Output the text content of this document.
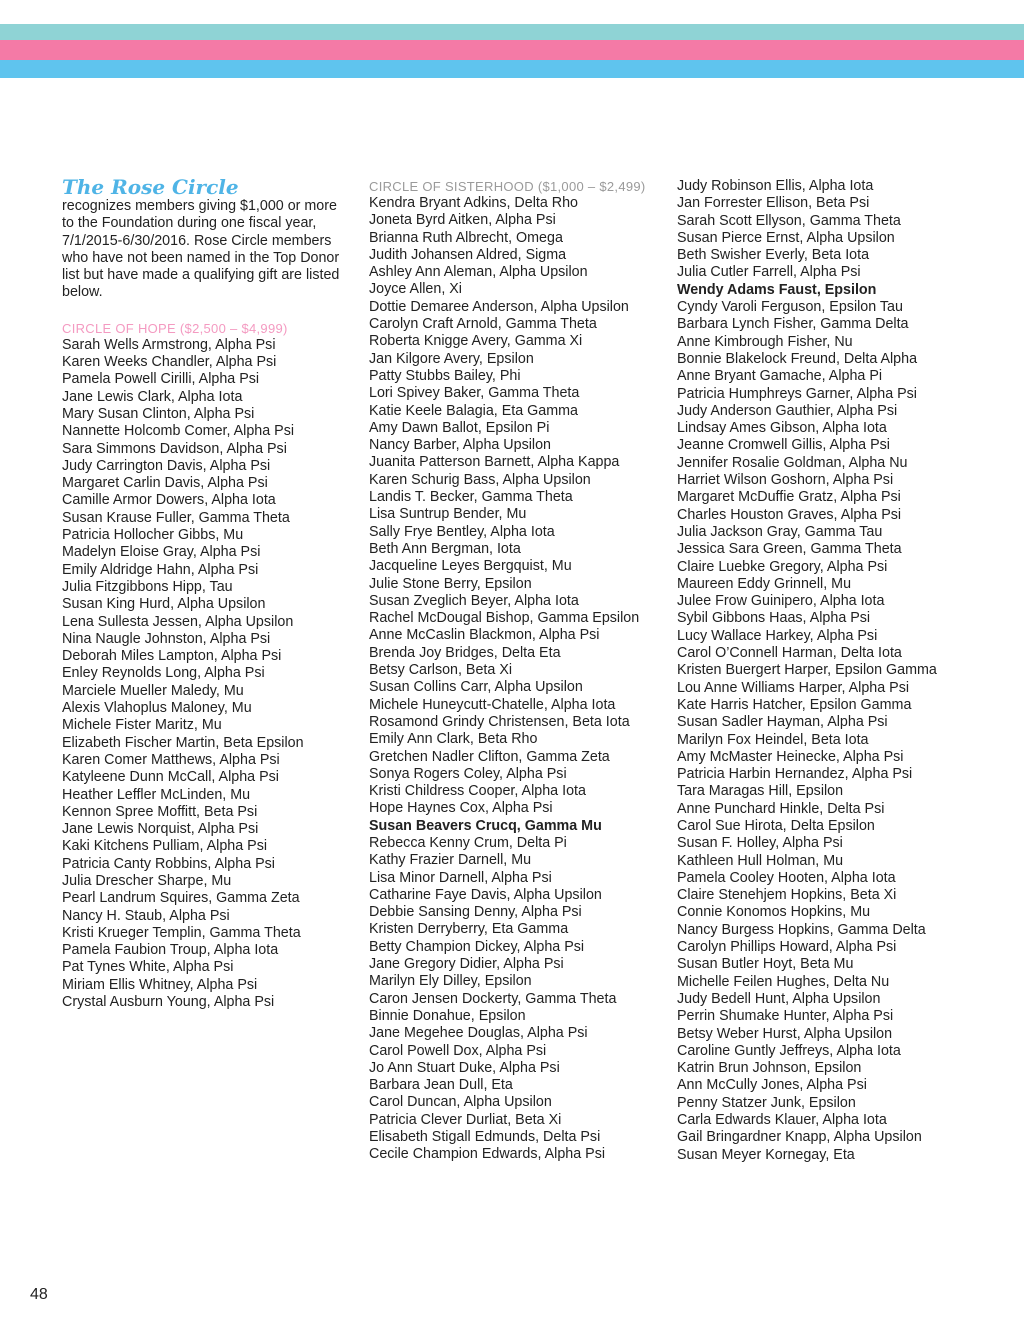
The Rose Circle
recognizes members giving $1,000 or more to the Foundation during one fiscal year, 7/1/2015-6/30/2016. Rose Circle members who have not been named in the Top Donor list but have made a qualifying gift are listed below.
CIRCLE OF HOPE ($2,500 – $4,999)
Sarah Wells Armstrong, Alpha Psi
Karen Weeks Chandler, Alpha Psi
Pamela Powell Cirilli, Alpha Psi
Jane Lewis Clark, Alpha Iota
Mary Susan Clinton, Alpha Psi
Nannette Holcomb Comer, Alpha Psi
Sara Simmons Davidson, Alpha Psi
Judy Carrington Davis, Alpha Psi
Margaret Carlin Davis, Alpha Psi
Camille Armor Dowers, Alpha Iota
Susan Krause Fuller, Gamma Theta
Patricia Hollocher Gibbs, Mu
Madelyn Eloise Gray, Alpha Psi
Emily Aldridge Hahn, Alpha Psi
Julia Fitzgibbons Hipp, Tau
Susan King Hurd, Alpha Upsilon
Lena Sullesta Jessen, Alpha Upsilon
Nina Naugle Johnston, Alpha Psi
Deborah Miles Lampton, Alpha Psi
Enley Reynolds Long, Alpha Psi
Marciele Mueller Maledy, Mu
Alexis Vlahoplus Maloney, Mu
Michele Fister Maritz, Mu
Elizabeth Fischer Martin, Beta Epsilon
Karen Comer Matthews, Alpha Psi
Katyleene Dunn McCall, Alpha Psi
Heather Leffler McLinden, Mu
Kennon Spree Moffitt, Beta Psi
Jane Lewis Norquist, Alpha Psi
Kaki Kitchens Pulliam, Alpha Psi
Patricia Canty Robbins, Alpha Psi
Julia Drescher Sharpe, Mu
Pearl Landrum Squires, Gamma Zeta
Nancy H. Staub, Alpha Psi
Kristi Krueger Templin, Gamma Theta
Pamela Faubion Troup, Alpha Iota
Pat Tynes White, Alpha Psi
Miriam Ellis Whitney, Alpha Psi
Crystal Ausburn Young, Alpha Psi
CIRCLE OF SISTERHOOD ($1,000 – $2,499)
Kendra Bryant Adkins, Delta Rho
Joneta Byrd Aitken, Alpha Psi
Brianna Ruth Albrecht, Omega
Judith Johansen Aldred, Sigma
Ashley Ann Aleman, Alpha Upsilon
Joyce Allen, Xi
Dottie Demaree Anderson, Alpha Upsilon
Carolyn Craft Arnold, Gamma Theta
Roberta Knigge Avery, Gamma Xi
Jan Kilgore Avery, Epsilon
Patty Stubbs Bailey, Phi
Lori Spivey Baker, Gamma Theta
Katie Keele Balagia, Eta Gamma
Amy Dawn Ballot, Epsilon Pi
Nancy Barber, Alpha Upsilon
Juanita Patterson Barnett, Alpha Kappa
Karen Schurig Bass, Alpha Upsilon
Landis T. Becker, Gamma Theta
Lisa Suntrup Bender, Mu
Sally Frye Bentley, Alpha Iota
Beth Ann Bergman, Iota
Jacqueline Leyes Bergquist, Mu
Julie Stone Berry, Epsilon
Susan Zveglich Beyer, Alpha Iota
Rachel McDougal Bishop, Gamma Epsilon
Anne McCaslin Blackmon, Alpha Psi
Brenda Joy Bridges, Delta Eta
Betsy Carlson, Beta Xi
Susan Collins Carr, Alpha Upsilon
Michele Huneycutt-Chatelle, Alpha Iota
Rosamond Grindy Christensen, Beta Iota
Emily Ann Clark, Beta Rho
Gretchen Nadler Clifton, Gamma Zeta
Sonya Rogers Coley, Alpha Psi
Kristi Childress Cooper, Alpha Iota
Hope Haynes Cox, Alpha Psi
Susan Beavers Crucq, Gamma Mu
Rebecca Kenny Crum, Delta Pi
Kathy Frazier Darnell, Mu
Lisa Minor Darnell, Alpha Psi
Catharine Faye Davis, Alpha Upsilon
Debbie Sansing Denny, Alpha Psi
Kristen Derryberry, Eta Gamma
Betty Champion Dickey, Alpha Psi
Jane Gregory Didier, Alpha Psi
Marilyn Ely Dilley, Epsilon
Caron Jensen Dockerty, Gamma Theta
Binnie Donahue, Epsilon
Jane Megehee Douglas, Alpha Psi
Carol Powell Dox, Alpha Psi
Jo Ann Stuart Duke, Alpha Psi
Barbara Jean Dull, Eta
Carol Duncan, Alpha Upsilon
Patricia Clever Durliat, Beta Xi
Elisabeth Stigall Edmunds, Delta Psi
Cecile Champion Edwards, Alpha Psi
Judy Robinson Ellis, Alpha Iota
Jan Forrester Ellison, Beta Psi
Sarah Scott Ellyson, Gamma Theta
Susan Pierce Ernst, Alpha Upsilon
Beth Swisher Everly, Beta Iota
Julia Cutler Farrell, Alpha Psi
Wendy Adams Faust, Epsilon
Cyndy Varoli Ferguson, Epsilon Tau
Barbara Lynch Fisher, Gamma Delta
Anne Kimbrough Fisher, Nu
Bonnie Blakelock Freund, Delta Alpha
Anne Bryant Gamache, Alpha Pi
Patricia Humphreys Garner, Alpha Psi
Judy Anderson Gauthier, Alpha Psi
Lindsay Ames Gibson, Alpha Iota
Jeanne Cromwell Gillis, Alpha Psi
Jennifer Rosalie Goldman, Alpha Nu
Harriet Wilson Goshorn, Alpha Psi
Margaret McDuffie Gratz, Alpha Psi
Charles Houston Graves, Alpha Psi
Julia Jackson Gray, Gamma Tau
Jessica Sara Green, Gamma Theta
Claire Luebke Gregory, Alpha Psi
Maureen Eddy Grinnell, Mu
Julee Frow Guinipero, Alpha Iota
Sybil Gibbons Haas, Alpha Psi
Lucy Wallace Harkey, Alpha Psi
Carol O’Connell Harman, Delta Iota
Kristen Buergert Harper, Epsilon Gamma
Lou Anne Williams Harper, Alpha Psi
Kate Harris Hatcher, Epsilon Gamma
Susan Sadler Hayman, Alpha Psi
Marilyn Fox Heindel, Beta Iota
Amy McMaster Heinecke, Alpha Psi
Patricia Harbin Hernandez, Alpha Psi
Tara Maragas Hill, Epsilon
Anne Punchard Hinkle, Delta Psi
Carol Sue Hirota, Delta Epsilon
Susan F. Holley, Alpha Psi
Kathleen Hull Holman, Mu
Pamela Cooley Hooten, Alpha Iota
Claire Stenehjem Hopkins, Beta Xi
Connie Konomos Hopkins, Mu
Nancy Burgess Hopkins, Gamma Delta
Carolyn Phillips Howard, Alpha Psi
Susan Butler Hoyt, Beta Mu
Michelle Feilen Hughes, Delta Nu
Judy Bedell Hunt, Alpha Upsilon
Perrin Shumake Hunter, Alpha Psi
Betsy Weber Hurst, Alpha Upsilon
Caroline Guntly Jeffreys, Alpha Iota
Katrin Brun Johnson, Epsilon
Ann McCully Jones, Alpha Psi
Penny Statzer Junk, Epsilon
Carla Edwards Klauer, Alpha Iota
Gail Bringardner Knapp, Alpha Upsilon
Susan Meyer Kornegay, Eta
48
